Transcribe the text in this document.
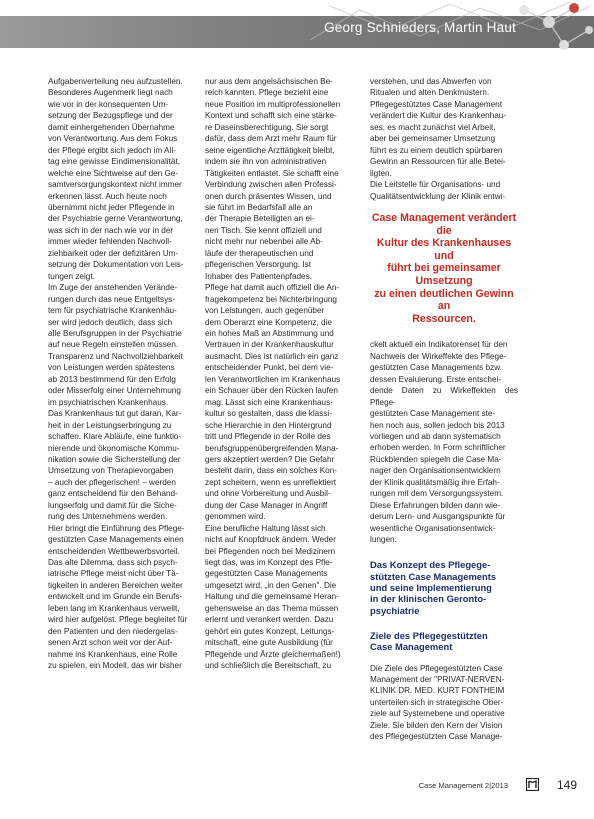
Georg Schnieders, Martin Haut

Aufgabenverteilung neu aufzustellen.
Besonderes Augenmerk liegt nach
wie vor in der konsequenten Um-
setzung der Bezugspflege und der
damit einhergehenden Übernahme
von Verantwortung. Aus dem Fokus
der Pflege ergibt sich jedoch im All-
tag eine gewisse Eindimensionalität,
welche eine Sichtweise auf den Ge-
samtversorgungskontext nicht immer
erkennen lässt. Auch heute noch
übernimmt nicht jeder Pflegende in
der Psychiatrie gerne Verantwortung,
was sich in der nach wie vor in der
immer wieder fehlenden Nachvoll-
ziehbarkeit oder der defizitären Um-
setzung der Dokumentation von Leis-
tungen zeigt.

Im Zuge der anstehenden Verände-
rungen durch das neue Entgeltsys-
tem für psychiatrische Krankenhäu-
ser wird jedoch deutlich, dass sich
alle Berufsgruppen in der Psychiatrie
auf neue Regeln einstellen müssen.
Transparenz und Nachvollziehbarkeit
von Leistungen werden spätestens
ab 2013 bestimmend für den Erfolg
oder Misserfolg einer Unternehmung
im psychiatrischen Krankenhaus.
Das Krankenhaus tut gut daran, Kar-
heit in der Leistungserbringung zu
schaffen. Klare Abläufe, eine funktio-
nierende und ökonomische Kommu-
nikation sowie die Sicherstellung der
Umsetzung von Therapievorgaben
– auch der pflegerischen! – werden
ganz entscheidend für den Behand-
lungserfolg und damit für die Siche-
rung des Unternehmens werden.
Hier bringt die Einführung des Pflege-
gestützten Case Managements einen
entscheidenden Wettbewerbsvorteil.

Das alte Dilemma, dass sich psych-
iatrische Pflege meist nicht über Tä-
tigkeiten in anderen Bereichen weiter
entwickelt und im Grunde ein Berufs-
leben lang im Krankenhaus verweilt,
wird hier aufgelöst. Pflege begleitet für
den Patienten und den niedergelas-
senen Arzt schon weit vor der Auf-
nahme ins Krankenhaus, eine Rolle
zu spielen, ein Modell, das wir bisher

nur aus dem angelsächsischen Be-
reich kannten. Pflege bezieht eine
neue Position im multiprofessionellen
Kontext und schafft sich eine stärke-
re Daseinsberechtigung. Sie sorgt
dafür, dass dem Arzt mehr Raum für
seine eigentliche Arzttätigkeit bleibt,
indem sie ihn von administrativen
Tätigkeiten entlastet. Sie schafft eine
Verbindung zwischen allen Professi-
onen durch präsentes Wissen, und
sie führt im Bedarfsfall alle an
der Therapie Beteiligten an ei-
nen Tisch. Sie kennt offiziell und
nicht mehr nur nebenbei alle Ab-
läufe der therapeutischen und
pflegerischen Versorgung. Ist
Inhaber des Patientenpfades.

Pflege hat damit auch offiziell die An-
fragekompetenz bei Nichterbringung
von Leistungen, auch gegenüber
dem Oberarzt eine Kompetenz, die
ein hohes Maß an Abstimmung und
Vertrauen in der Krankenhauskultur
ausmacht. Dies ist natürlich ein ganz
entscheidender Punkt, bei dem vie-
len Verantwortlichen im Krankenhaus
ein Schauer über den Rücken laufen
mag. Lässt sich eine Krankenhaus-
kultur so gestalten, dass die klassi-
sche Hierarchie in den Hintergrund
tritt und Pflegende in der Rolle des
berufsgruppenübergreifenden Mana-
gers akzeptiert werden? Die Gefahr
besteht darin, dass ein solches Kon-
zept scheitern, wenn es unreflektiert
und ohne Vorbereitung und Ausbil-
dung der Case Manager in Angriff
genommen wird.

Eine berufliche Haltung lässt sich
nicht auf Knopfdruck ändern. Weder
bei Pflegenden noch bei Medizinern
liegt das, was im Konzept des Pfle-
gegestützten Case Managements
umgesetzt wird, „in den Genen". Die
Haltung und die gemeinsame Heran-
gehensweise an das Thema müssen
erlernt und verankert werden. Dazu
gehört ein gutes Konzept, Leitungs-
mitschaft, eine gute Ausbildung (für
Pflegende und Ärzte gleichermaßen!)
und schließlich die Bereitschaft, zu

verstehen, und das Abwerfen von
Ritualen und alten Denkmustern.
Pflegegestütztes Case Management
verändert die Kultur des Krankenhau-
ses, es macht zunächst viel Arbeit,
aber bei gemeinsamer Umsetzung
führt es zu einem deutlich spürbaren
Gewinn an Ressourcen für alle Betei-
ligten.
Die Leitstelle für Organisations- und
Qualitätsentwicklung der Klinik entwi-

Case Management verändert die
Kultur des Krankenhauses und
führt bei gemeinsamer Umsetzung
zu einen deutlichen Gewinn an
Ressourcen.

ckelt aktuell ein Indikatorenset für den
Nachweis der Wirkeffekte des Pflege-
gestützten Case Managements bzw.
dessen Evaluierung. Erste entschei-
dende Daten zu Wirkeffekten des Pflege-
gestützten Case Management ste-
hen noch aus, sollen jedoch bis 2013
vorliegen und ab dann systematisch
erhoben werden. In Form schriftlicher
Rückblenden spiegeln die Case Ma-
nager den Organisationsentwicklern
der Klinik qualitätsmäßig ihre Erfah-
rungen mit dem Versorgungssystem.
Diese Erfahrungen bilden dann wie-
derum Lern- und Ausgangspunkte für
wesentliche Organisationsentwick-
lungen.

Das Konzept des Pflegege-
stützten Case Managements
und seine Implementierung
in der klinischen Geronto-
psychiatrie
Ziele des Pflegegestützten
Case Management

Die Ziele des Pflegegestützten Case
Management der "PRIVAT-NERVEN-
KLINIK DR. MED. KURT FONTHEIM
unterteilen sich in strategische Ober-
ziele auf Systemebene und operative
Ziele. Sie bilden den Kern der Vision
des Pflegegestützten Case Manage-

Case Management 2|2013	149
